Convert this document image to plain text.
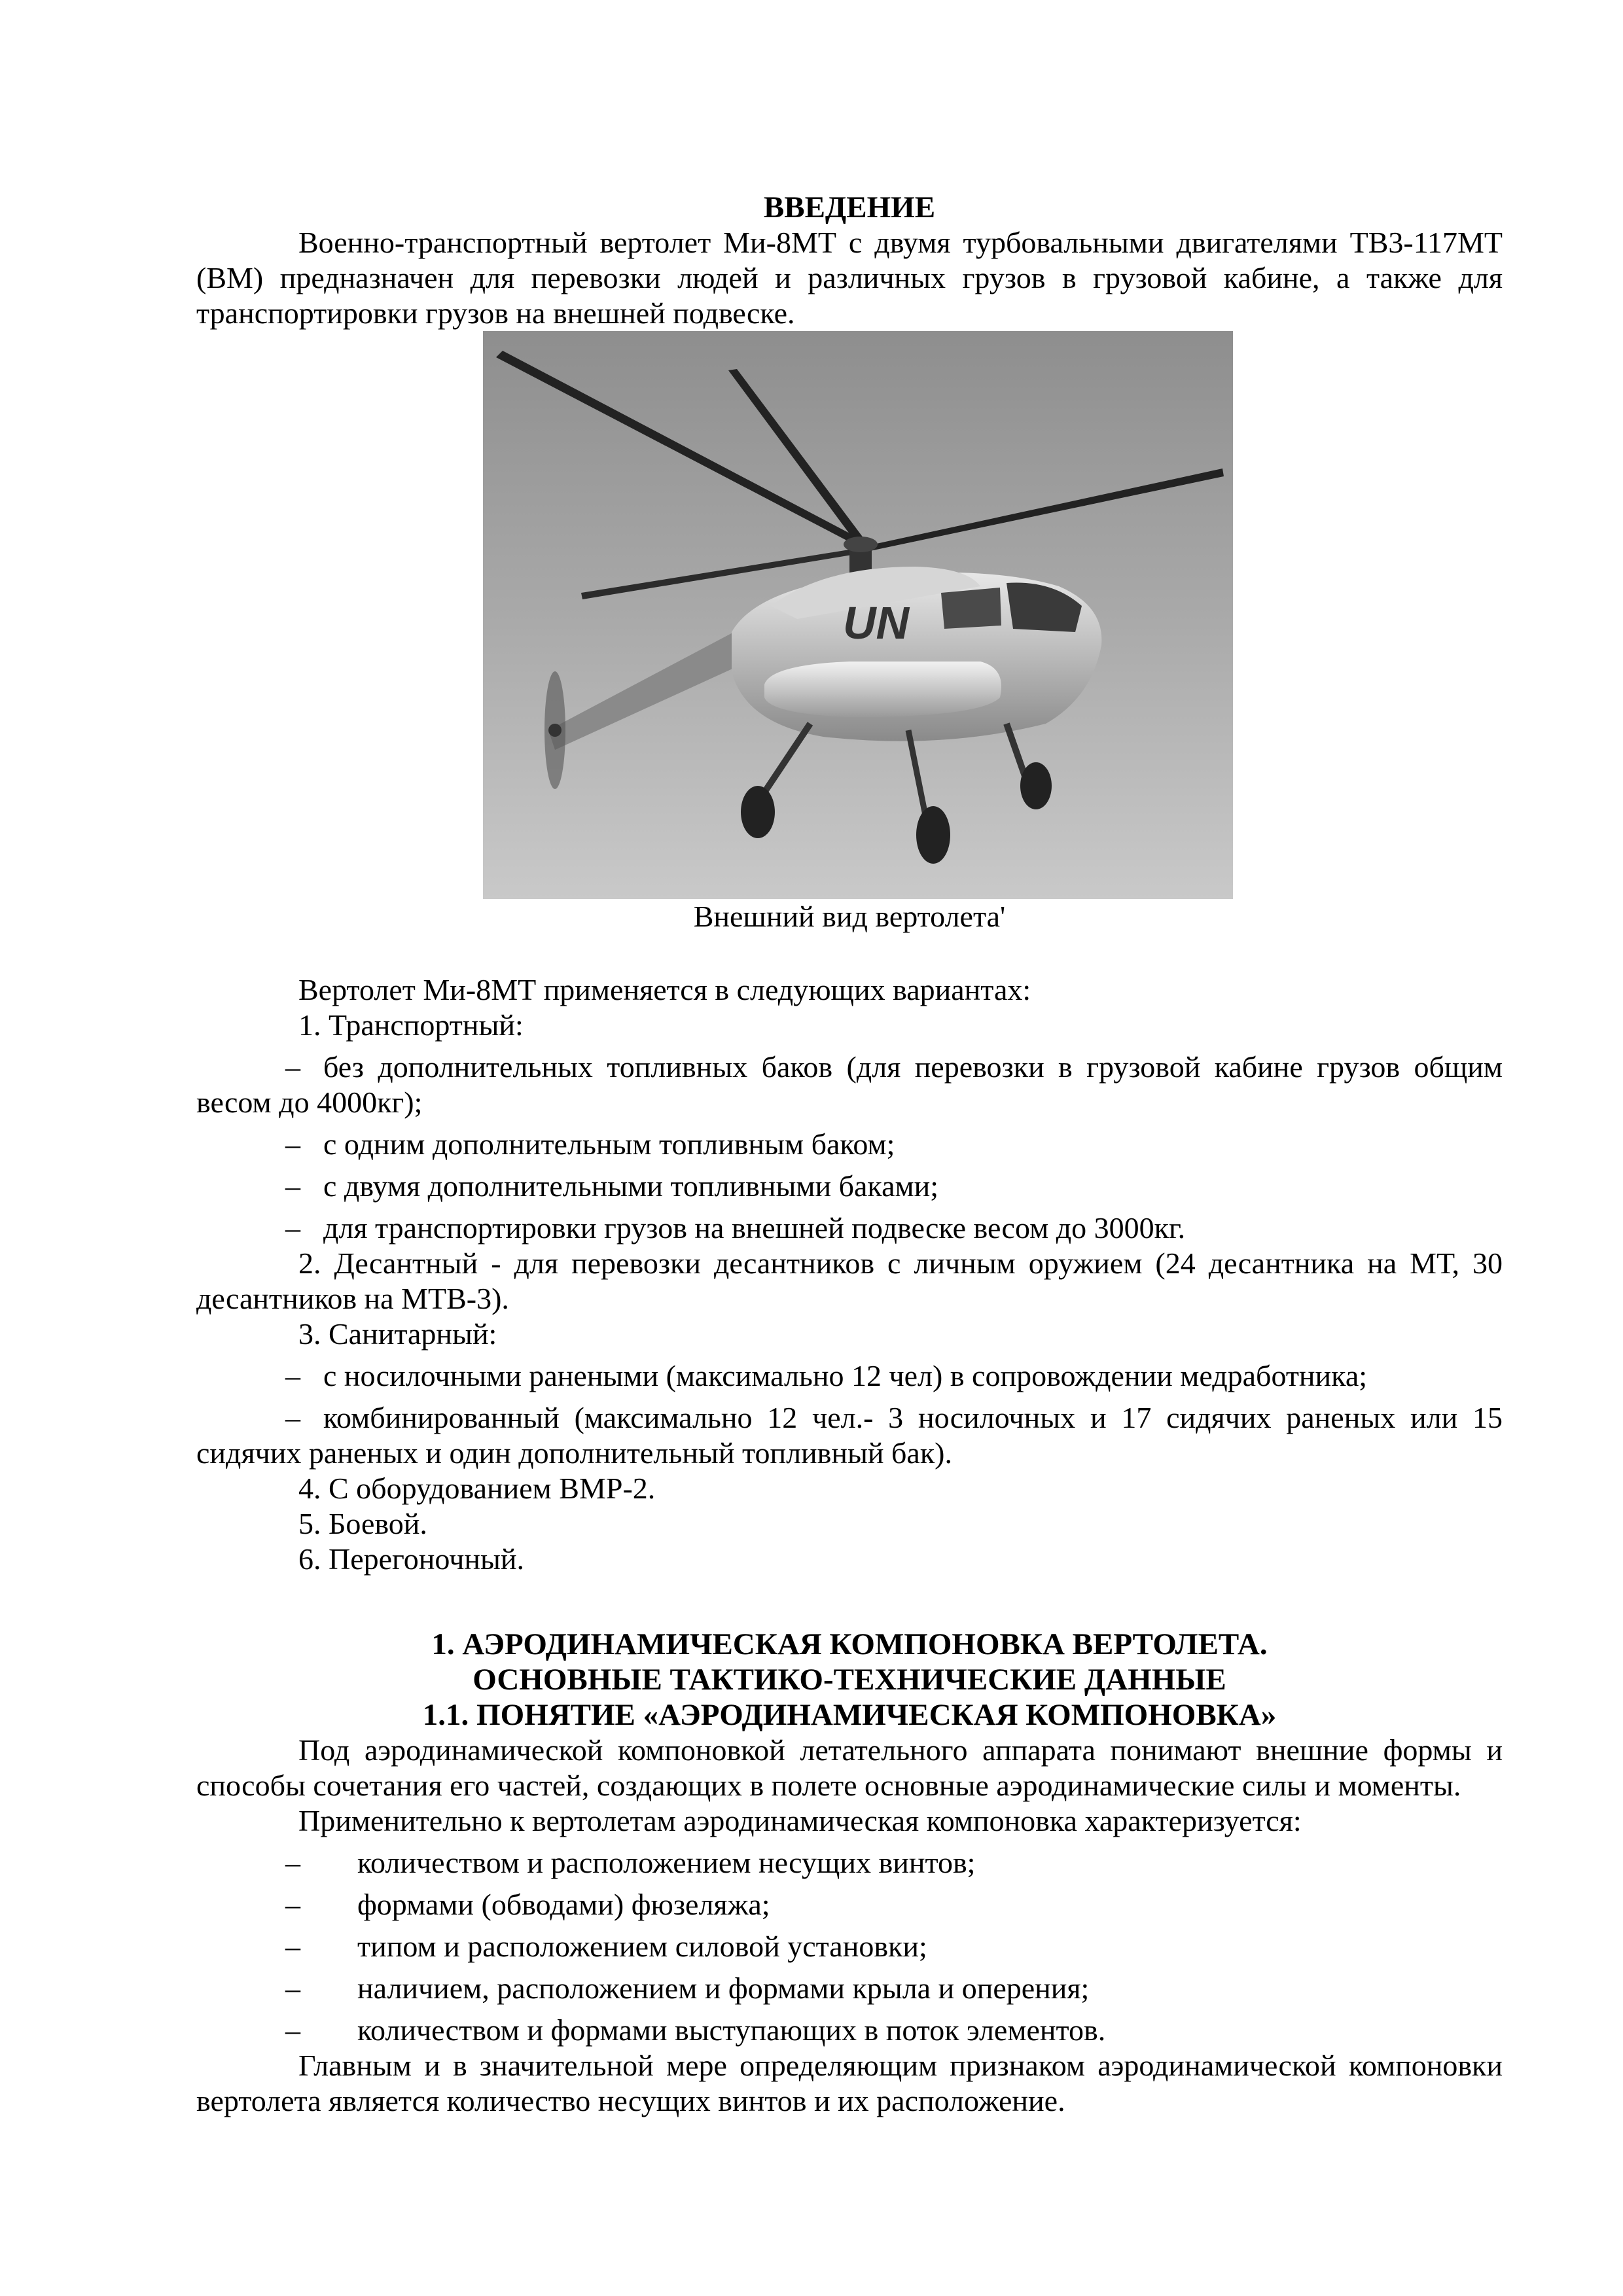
ВВЕДЕНИЕ

Военно-транспортный вертолет Ми-8МТ с двумя турбовальными двигателями ТВ3-117МТ (ВМ) предназначен для перевозки людей и различных грузов в грузовой кабине, а также для транспортировки грузов на внешней подвеске.

UN

Внешний вид вертолета'

Вертолет Ми-8МТ применяется в следующих вариантах:

1. Транспортный:

– без дополнительных топливных баков (для перевозки в грузовой кабине грузов общим весом до 4000кг);

– с одним дополнительным топливным баком;

– с двумя дополнительными топливными баками;

– для транспортировки грузов на внешней подвеске весом до 3000кг.

2. Десантный - для перевозки десантников с личным оружием (24 десантника на МТ, 30 десантников на МТВ-3).

3. Санитарный:

– с носилочными ранеными (максимально 12 чел) в сопровождении медработника;

– комбинированный (максимально 12 чел.- 3 носилочных и 17 сидячих раненых или 15 сидячих раненых и один дополнительный топливный бак).

4. С оборудованием ВМР-2.

5. Боевой.

6. Перегоночный.

1. АЭРОДИНАМИЧЕСКАЯ КОМПОНОВКА ВЕРТОЛЕТА.

ОСНОВНЫЕ ТАКТИКО-ТЕХНИЧЕСКИЕ ДАННЫЕ

1.1. ПОНЯТИЕ «АЭРОДИНАМИЧЕСКАЯ КОМПОНОВКА»

Под аэродинамической компоновкой летательного аппарата понимают внешние формы и способы сочетания его частей, создающих в полете основные аэродинамические силы и моменты.

Применительно к вертолетам аэродинамическая компоновка характеризуется:

– количеством и расположением несущих винтов;

– формами (обводами) фюзеляжа;

– типом и расположением силовой установки;

– наличием, расположением и формами крыла и оперения;

– количеством и формами выступающих в поток элементов.

Главным и в значительной мере определяющим признаком аэродинамической компоновки вертолета является количество несущих винтов и их расположение.
